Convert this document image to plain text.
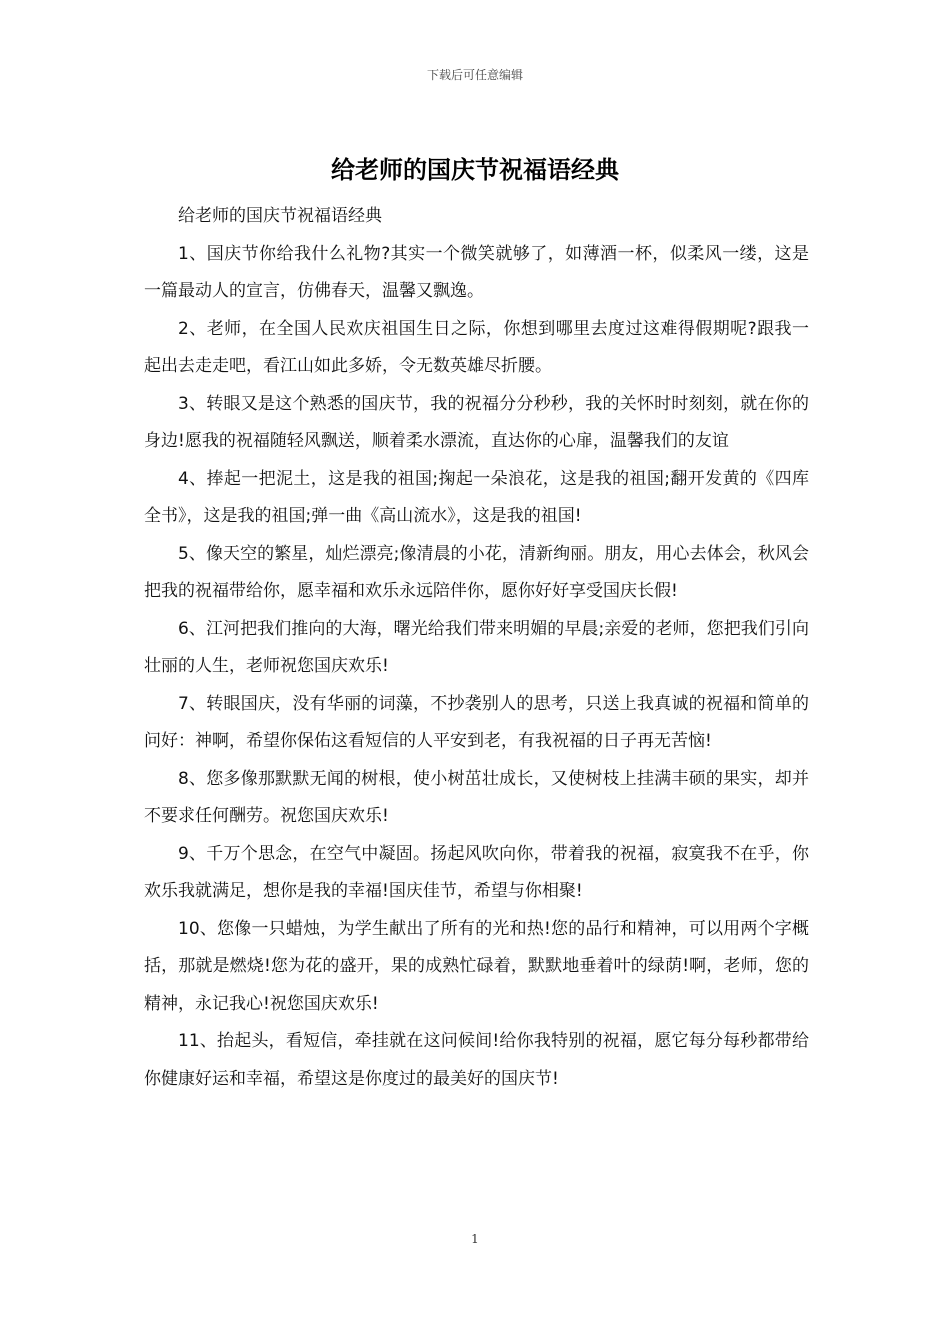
下载后可任意编辑
给老师的国庆节祝福语经典

给老师的国庆节祝福语经典

1、国庆节你给我什么礼物?其实一个微笑就够了，如薄酒一杯，似柔风一缕，这是一篇最动人的宣言，仿佛春天，温馨又飘逸。

2、老师，在全国人民欢庆祖国生日之际，你想到哪里去度过这难得假期呢?跟我一起出去走走吧，看江山如此多娇，令无数英雄尽折腰。

3、转眼又是这个熟悉的国庆节，我的祝福分分秒秒，我的关怀时时刻刻，就在你的身边!愿我的祝福随轻风飘送，顺着柔水漂流，直达你的心扉，温馨我们的友谊

4、捧起一把泥土，这是我的祖国;掬起一朵浪花，这是我的祖国;翻开发黄的《四库全书》，这是我的祖国;弹一曲《高山流水》，这是我的祖国!

5、像天空的繁星，灿烂漂亮;像清晨的小花，清新绚丽。朋友，用心去体会，秋风会把我的祝福带给你，愿幸福和欢乐永远陪伴你，愿你好好享受国庆长假!

6、江河把我们推向的大海，曙光给我们带来明媚的早晨;亲爱的老师，您把我们引向壮丽的人生，老师祝您国庆欢乐!

7、转眼国庆，没有华丽的词藻，不抄袭别人的思考，只送上我真诚的祝福和简单的问好：神啊，希望你保佑这看短信的人平安到老，有我祝福的日子再无苦恼!

8、您多像那默默无闻的树根，使小树茁壮成长，又使树枝上挂满丰硕的果实，却并不要求任何酬劳。祝您国庆欢乐!

9、千万个思念，在空气中凝固。扬起风吹向你，带着我的祝福，寂寞我不在乎，你欢乐我就满足，想你是我的幸福!国庆佳节，希望与你相聚!

10、您像一只蜡烛，为学生献出了所有的光和热!您的品行和精神，可以用两个字概括，那就是燃烧!您为花的盛开，果的成熟忙碌着，默默地垂着叶的绿荫!啊，老师，您的精神，永记我心!祝您国庆欢乐!

11、抬起头，看短信，牵挂就在这问候间!给你我特别的祝福，愿它每分每秒都带给你健康好运和幸福，希望这是你度过的最美好的国庆节!

1
